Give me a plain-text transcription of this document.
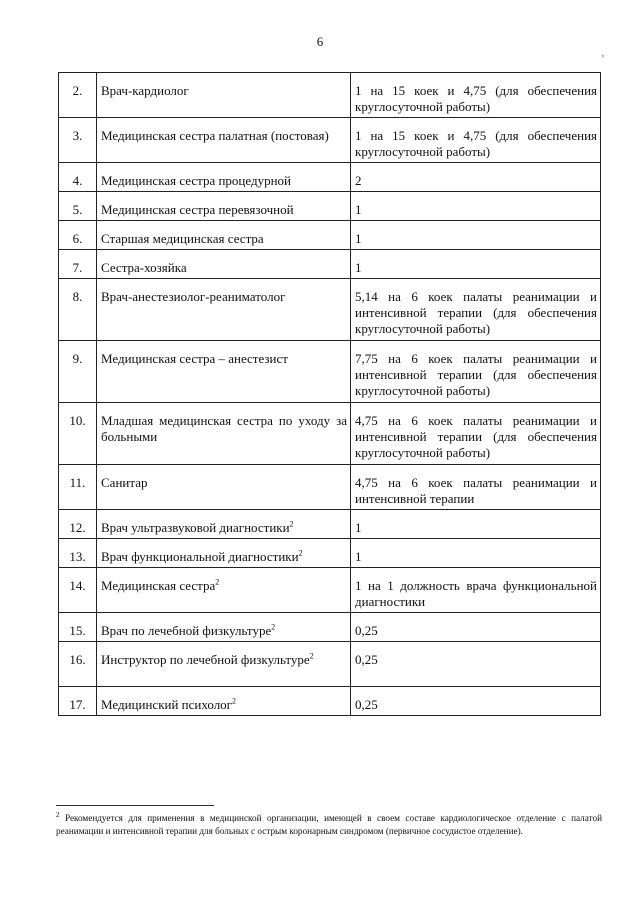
6
'
2.	Врач-кардиолог	1 на 15 коек и 4,75 (для обеспечения круглосуточной работы)
3.	Медицинская сестра палатная (постовая)	1 на 15 коек и 4,75 (для обеспечения круглосуточной работы)
4.	Медицинская сестра процедурной	2
5.	Медицинская сестра перевязочной	1
6.	Старшая медицинская сестра	1
7.	Сестра-хозяйка	1
8.	Врач-анестезиолог-реаниматолог	5,14 на 6 коек палаты реанимации и интенсивной терапии (для обеспечения круглосуточной работы)
9.	Медицинская сестра – анестезист	7,75 на 6 коек палаты реанимации и интенсивной терапии (для обеспечения круглосуточной работы)
10.	Младшая медицинская сестра по уходу за больными	4,75 на 6 коек палаты реанимации и интенсивной терапии (для обеспечения круглосуточной работы)
11.	Санитар	4,75 на 6 коек палаты реанимации и интенсивной терапии
12.	Врач ультразвуковой диагностики$^2$	1
13.	Врач функциональной диагностики$^2$	1
14.	Медицинская сестра$^2$	1 на 1 должность врача функциональной диагностики
15.	Врач по лечебной физкультуре$^2$	0,25
16.	Инструктор по лечебной физкультуре$^2$	0,25
17.	Медицинский психолог$^2$	0,25
$^2$ Рекомендуется для применения в медицинской организации, имеющей в своем составе кардиологическое отделение с палатой реанимации и интенсивной терапии для больных с острым коронарным синдромом (первичное сосудистое отделение).
